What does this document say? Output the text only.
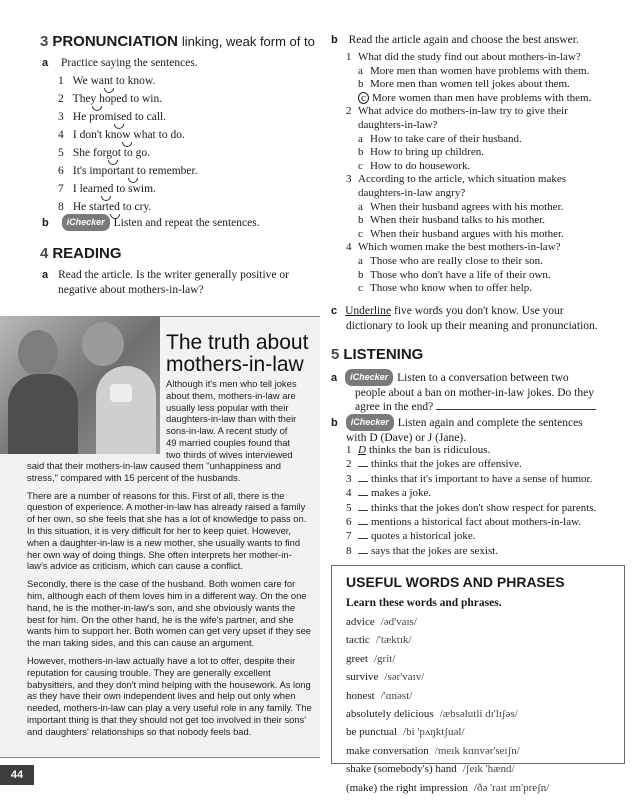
3 PRONUNCIATION linking, weak form of to
a Practice saying the sentences.
1 We want to know.
2 They hoped to win.
3 He promised to call.
4 I don't know what to do.
5 She forgot to go.
6 It's important to remember.
7 I learned to swim.
8 He started to cry.
b iChecker Listen and repeat the sentences.
4 READING
a Read the article. Is the writer generally positive or
negative about mothers-in-law?
The truth about
mothers-in-law
Although it's men who tell jokes
about them, mothers-in-law are
usually less popular with their
daughters-in-law than with their
sons-in-law. A recent study of
49 married couples found that
two thirds of wives interviewed

said that their mothers-in-law caused them "unhappiness and stress," compared with 15 percent of the husbands.

There are a number of reasons for this. First of all, there is the question of experience. A mother-in-law has already raised a family of her own, so she feels that she has a lot of knowledge to pass on. In this situation, it is very difficult for her to keep quiet. However, when a daughter-in-law is a new mother, she usually wants to find her own way of doing things. She often interprets her mother-in-law's advice as criticism, which can cause a conflict.

Secondly, there is the case of the husband. Both women care for him, although each of them loves him in a different way. On the one hand, he is the mother-in-law's son, and she obviously wants the best for him. On the other hand, he is the wife's partner, and she wants him to support her. Both women can get very upset if they see the man taking sides, and this can cause an argument.

However, mothers-in-law actually have a lot to offer, despite their reputation for causing trouble. They are generally excellent babysitters, and they don't mind helping with the housework. As long as they have their own independent lives and help out only when needed, mothers-in-law can play a very useful role in any family. The important thing is that they should not get too involved in their sons' and daughters' relationships so that nobody feels bad.

44
b Read the article again and choose the best answer.
1 What did the study find out about mothers-in-law?
a More men than women have problems with them.
b More men than women tell jokes about them.
c More women than men have problems with them.
2 What advice do mothers-in-law try to give their
daughters-in-law?
a How to take care of their husband.
b How to bring up children.
c How to do housework.
3 According to the article, which situation makes
daughters-in-law angry?
a When their husband agrees with his mother.
b When their husband talks to his mother.
c When their husband argues with his mother.
4 Which women make the best mothers-in-law?
a Those who are really close to their son.
b Those who don't have a life of their own.
c Those who know when to offer help.
c Underline five words you don't know. Use your
dictionary to look up their meaning and pronunciation.
5 LISTENING
a iChecker Listen to a conversation between two
people about a ban on mother-in-law jokes. Do they
agree in the end?
b iChecker Listen again and complete the sentences
with D (Dave) or J (Jane).
1 D thinks the ban is ridiculous.
2 thinks that the jokes are offensive.
3 thinks that it's important to have a sense of humor.
4 makes a joke.
5 thinks that the jokes don't show respect for parents.
6 mentions a historical fact about mothers-in-law.
7 quotes a historical joke.
8 says that the jokes are sexist.
USEFUL WORDS AND PHRASES
Learn these words and phrases.
advice /əd'vaɪs/
tactic /'tæktɪk/
greet /grit/
survive /sər'vaɪv/
honest /'ɑnəst/
absolutely delicious /æbsəlutli dɪ'lɪʃəs/
be punctual /bi 'pʌŋktʃuəl/
make conversation /meɪk kɑnvər'seɪʃn/
shake (somebody's) hand /ʃeɪk 'hænd/
(make) the right impression /ðə 'raɪt ɪm'preʃn/
